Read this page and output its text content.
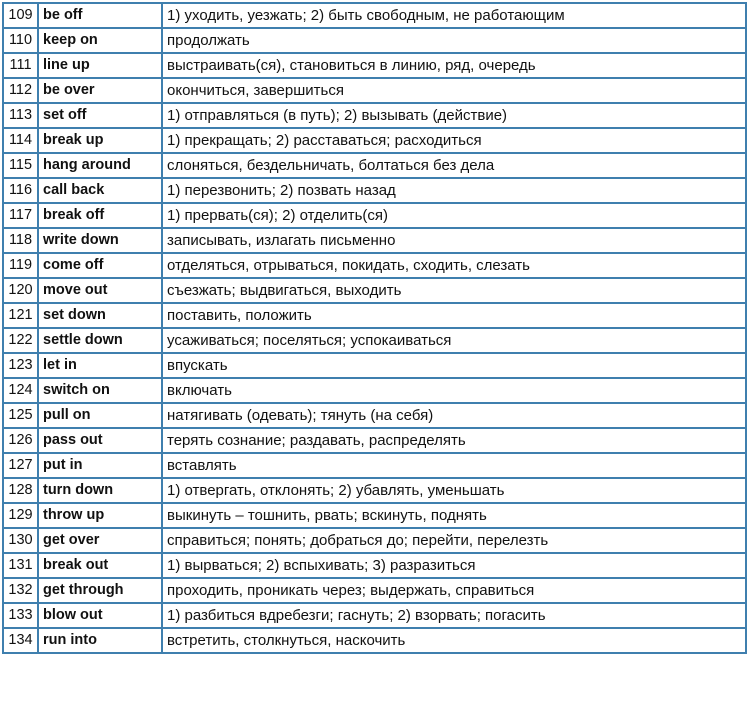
109	be off	1) уходить, уезжать; 2) быть свободным, не работающим
110	keep on	продолжать
111	line up	выстраивать(ся), становиться в линию, ряд, очередь
112	be over	окончиться, завершиться
113	set off	1) отправляться (в путь); 2) вызывать (действие)
114	break up	1) прекращать; 2) расставаться; расходиться
115	hang around	слоняться, бездельничать, болтаться без дела
116	call back	1) перезвонить; 2) позвать назад
117	break off	1) прервать(ся); 2) отделить(ся)
118	write down	записывать, излагать письменно
119	come off	отделяться, отрываться, покидать, сходить, слезать
120	move out	съезжать; выдвигаться, выходить
121	set down	поставить, положить
122	settle down	усаживаться; поселяться; успокаиваться
123	let in	впускать
124	switch on	включать
125	pull on	натягивать (одевать); тянуть (на себя)
126	pass out	терять сознание; раздавать, распределять
127	put in	вставлять
128	turn down	1) отвергать, отклонять; 2) убавлять, уменьшать
129	throw up	выкинуть – тошнить, рвать; вскинуть, поднять
130	get over	справиться; понять; добраться до; перейти, перелезть
131	break out	1) вырваться; 2) вспыхивать; 3) разразиться
132	get through	проходить, проникать через; выдержать, справиться
133	blow out	1) разбиться вдребезги; гаснуть; 2) взорвать; погасить
134	run into	встретить, столкнуться, наскочить
